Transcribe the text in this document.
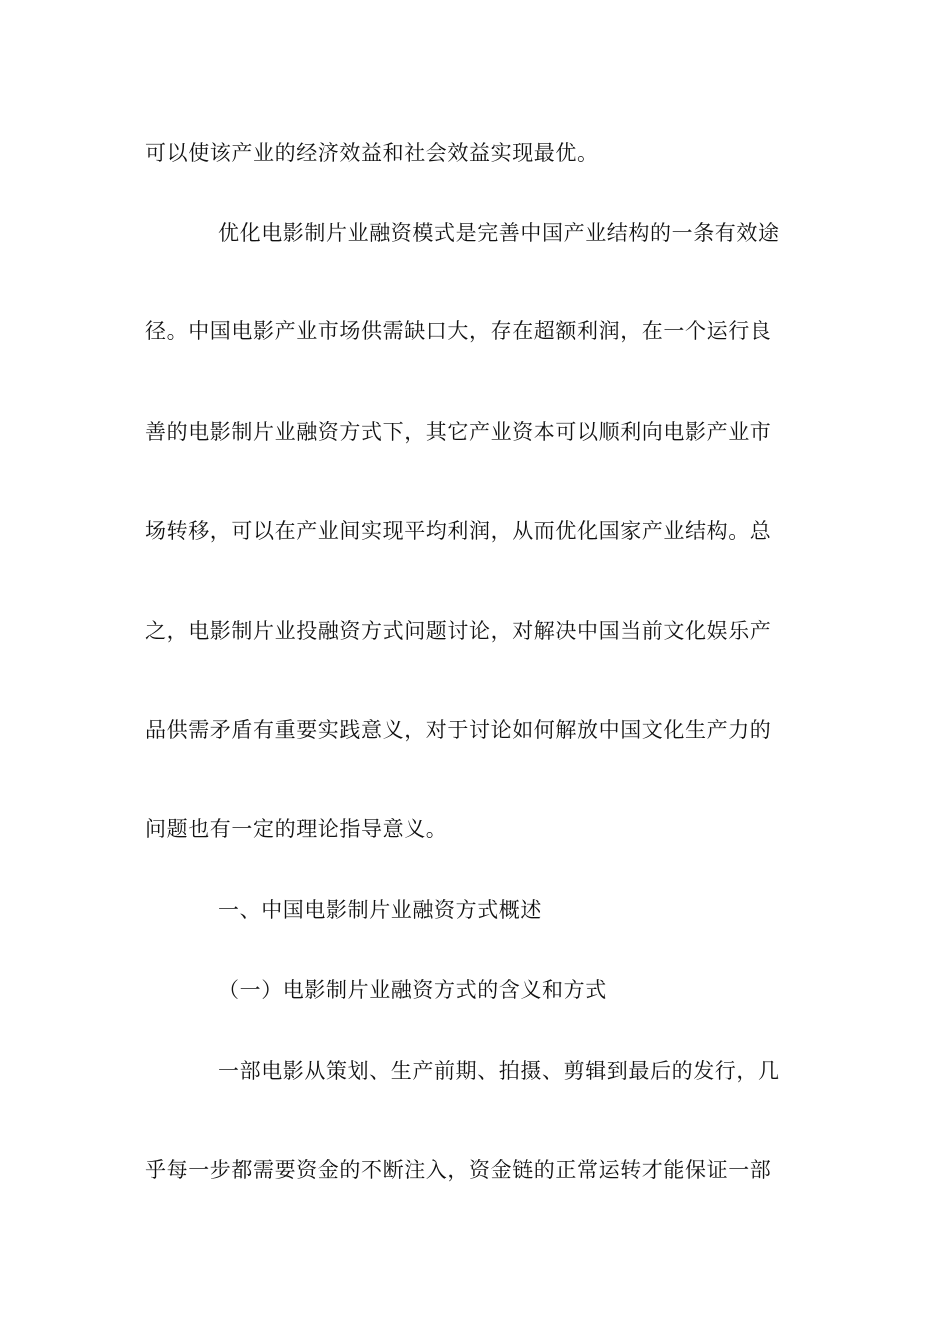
可以使该产业的经济效益和社会效益实现最优。
优化电影制片业融资模式是完善中国产业结构的一条有效途
径。中国电影产业市场供需缺口大，存在超额利润，在一个运行良
善的电影制片业融资方式下，其它产业资本可以顺利向电影产业市
场转移，可以在产业间实现平均利润，从而优化国家产业结构。总
之，电影制片业投融资方式问题讨论，对解决中国当前文化娱乐产
品供需矛盾有重要实践意义，对于讨论如何解放中国文化生产力的
问题也有一定的理论指导意义。
一、中国电影制片业融资方式概述
（一）电影制片业融资方式的含义和方式
一部电影从策划、生产前期、拍摄、剪辑到最后的发行，几
乎每一步都需要资金的不断注入，资金链的正常运转才能保证一部
